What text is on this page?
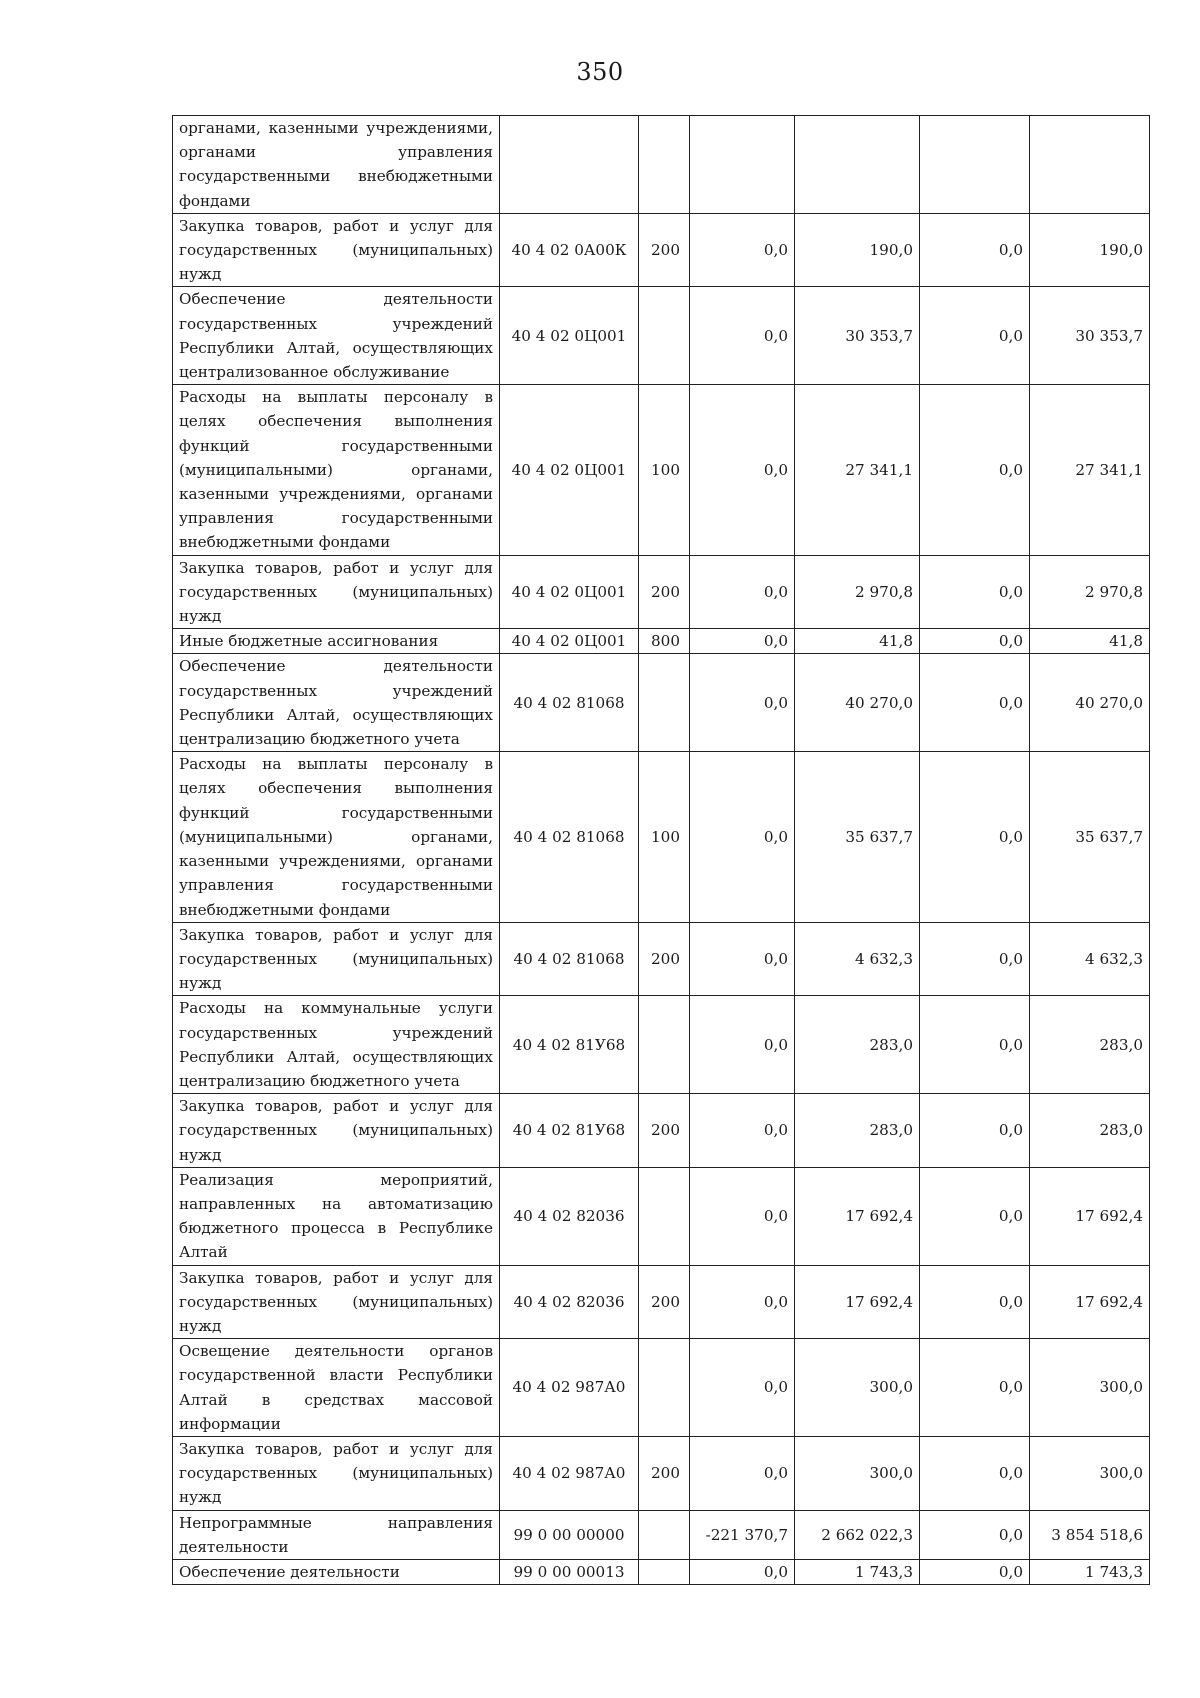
350
органами, казенными учреждениями, органами управления государственными внебюджетными фондами						
Закупка товаров, работ и услуг для государственных (муниципальных) нужд	40 4 02 0А00К	200	0,0	190,0	0,0	190,0
Обеспечение деятельности государственных учреждений Республики Алтай, осуществляющих централизованное обслуживание	40 4 02 0Ц001		0,0	30 353,7	0,0	30 353,7
Расходы на выплаты персоналу в целях обеспечения выполнения функций государственными (муниципальными) органами, казенными учреждениями, органами управления государственными внебюджетными фондами	40 4 02 0Ц001	100	0,0	27 341,1	0,0	27 341,1
Закупка товаров, работ и услуг для государственных (муниципальных) нужд	40 4 02 0Ц001	200	0,0	2 970,8	0,0	2 970,8
Иные бюджетные ассигнования	40 4 02 0Ц001	800	0,0	41,8	0,0	41,8
Обеспечение деятельности государственных учреждений Республики Алтай, осуществляющих централизацию бюджетного учета	40 4 02 81068		0,0	40 270,0	0,0	40 270,0
Расходы на выплаты персоналу в целях обеспечения выполнения функций государственными (муниципальными) органами, казенными учреждениями, органами управления государственными внебюджетными фондами	40 4 02 81068	100	0,0	35 637,7	0,0	35 637,7
Закупка товаров, работ и услуг для государственных (муниципальных) нужд	40 4 02 81068	200	0,0	4 632,3	0,0	4 632,3
Расходы на коммунальные услуги государственных учреждений Республики Алтай, осуществляющих централизацию бюджетного учета	40 4 02 81У68		0,0	283,0	0,0	283,0
Закупка товаров, работ и услуг для государственных (муниципальных) нужд	40 4 02 81У68	200	0,0	283,0	0,0	283,0
Реализация мероприятий, направленных на автоматизацию бюджетного процесса в Республике Алтай	40 4 02 82036		0,0	17 692,4	0,0	17 692,4
Закупка товаров, работ и услуг для государственных (муниципальных) нужд	40 4 02 82036	200	0,0	17 692,4	0,0	17 692,4
Освещение деятельности органов государственной власти Республики Алтай в средствах массовой информации	40 4 02 987А0		0,0	300,0	0,0	300,0
Закупка товаров, работ и услуг для государственных (муниципальных) нужд	40 4 02 987А0	200	0,0	300,0	0,0	300,0
Непрограммные направления деятельности	99 0 00 00000		-221 370,7	2 662 022,3	0,0	3 854 518,6
Обеспечение деятельности	99 0 00 00013		0,0	1 743,3	0,0	1 743,3
